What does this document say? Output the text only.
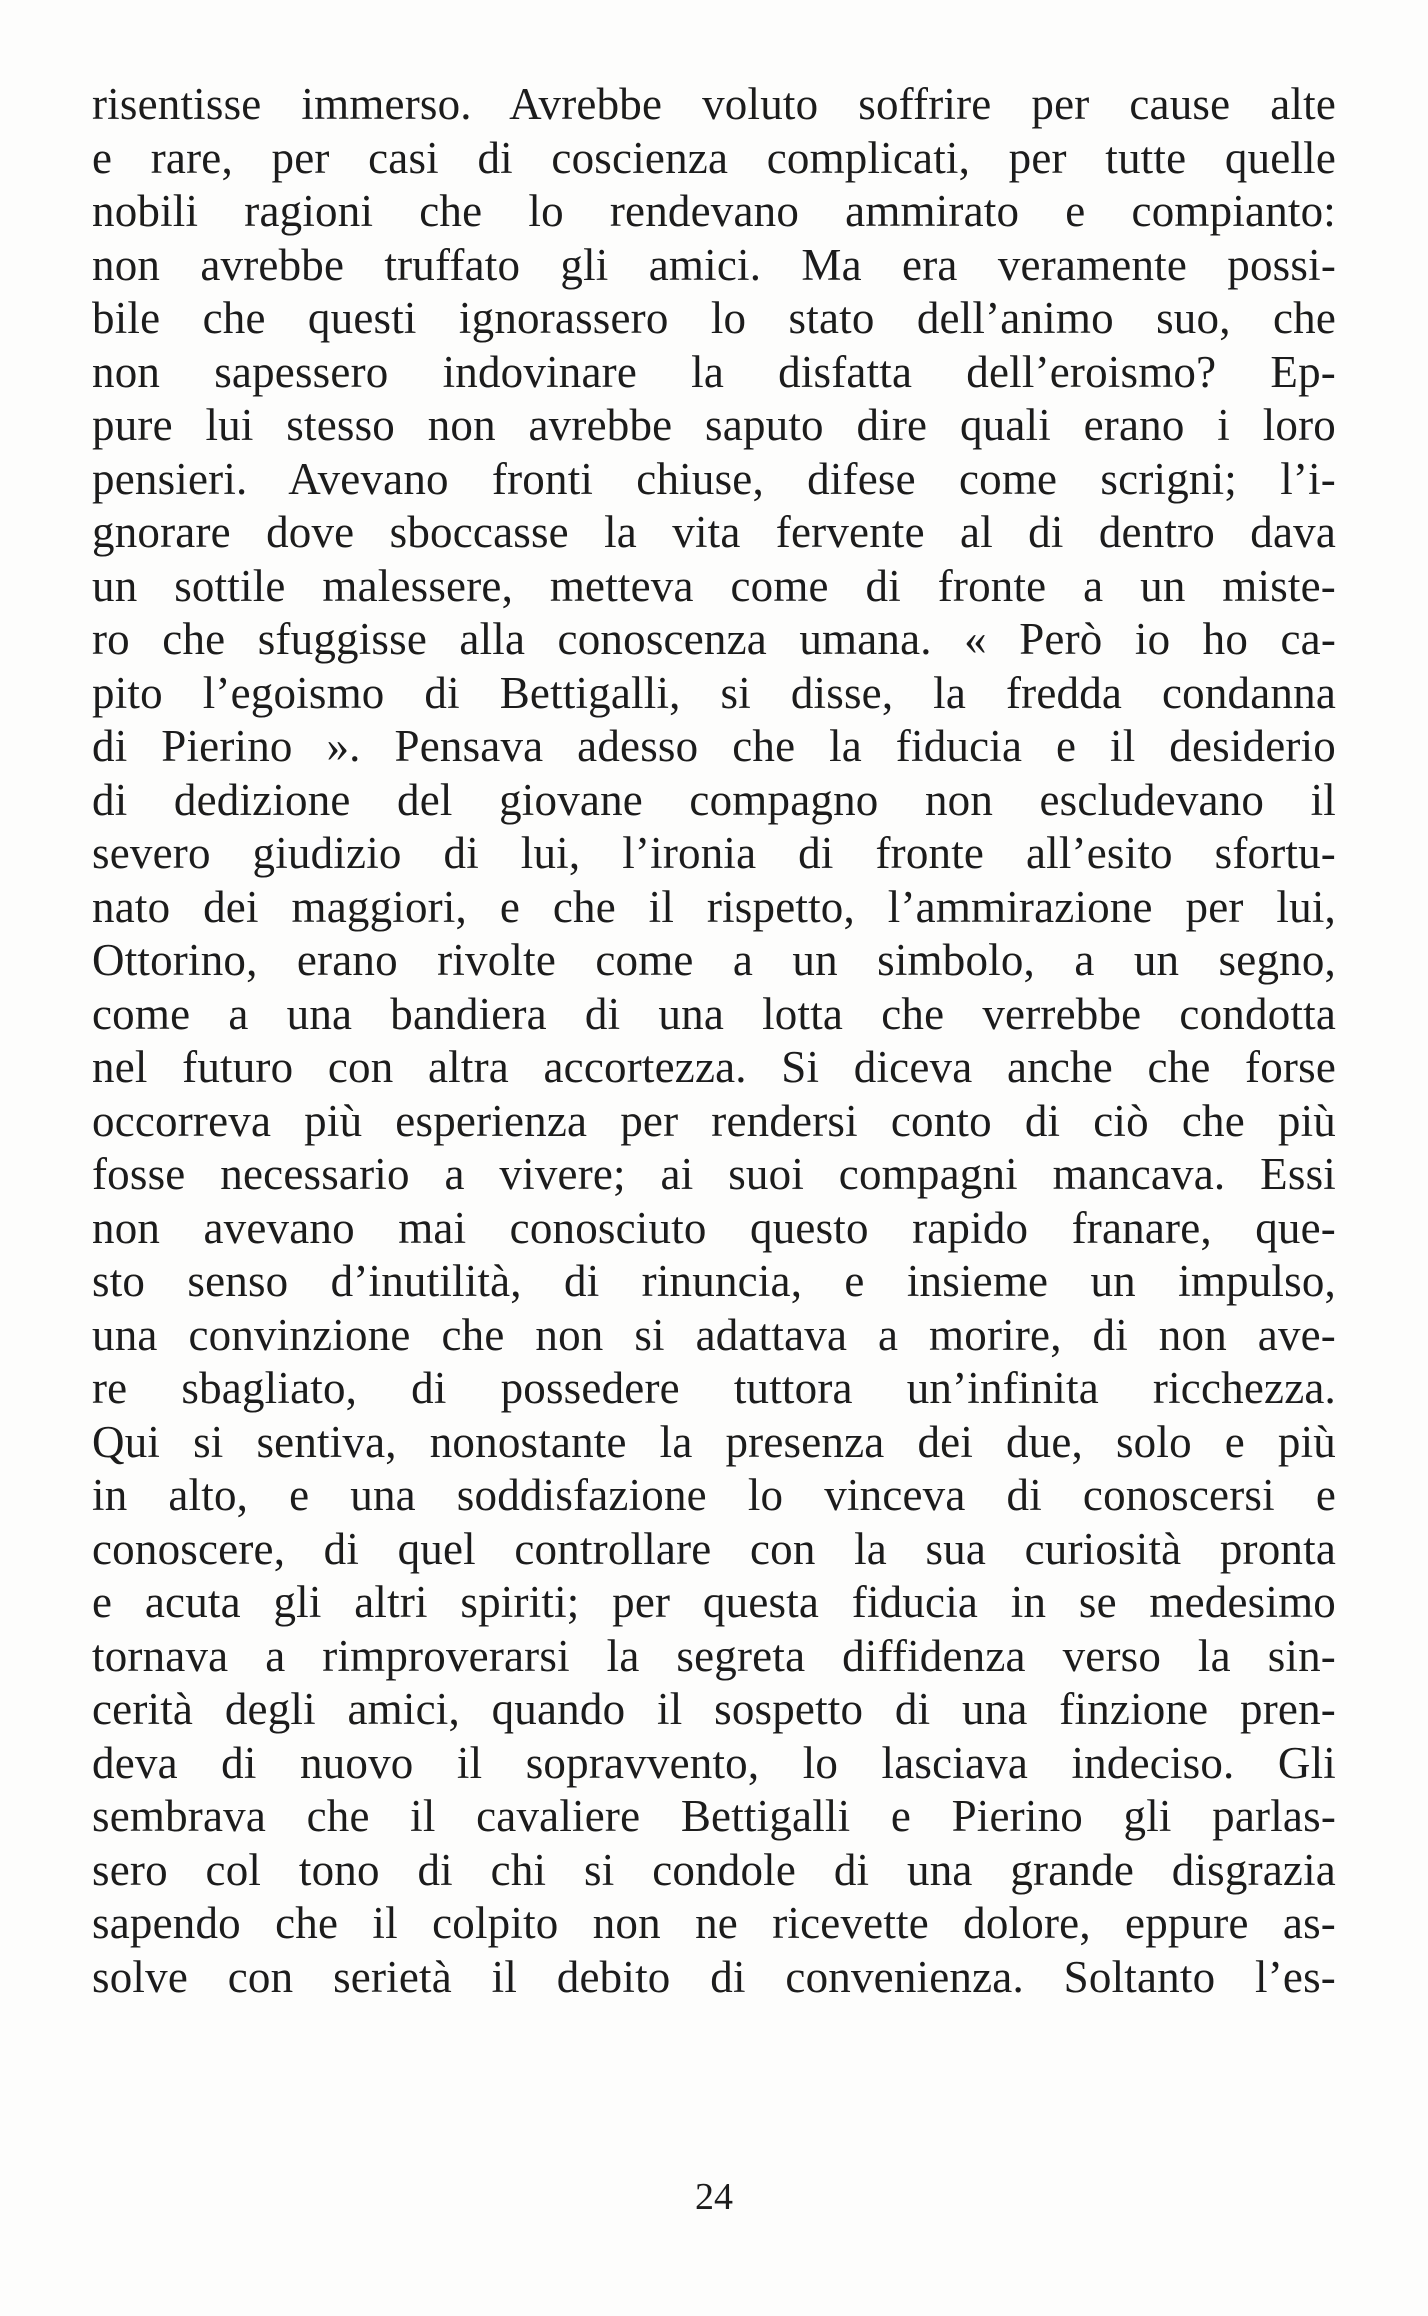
risentisse immerso. Avrebbe voluto soffrire per cause alte
e rare, per casi di coscienza complicati, per tutte quelle
nobili ragioni che lo rendevano ammirato e compianto:
non avrebbe truffato gli amici. Ma era veramente possi-
bile che questi ignorassero lo stato dell’animo suo, che
non sapessero indovinare la disfatta dell’eroismo? Ep-
pure lui stesso non avrebbe saputo dire quali erano i loro
pensieri. Avevano fronti chiuse, difese come scrigni; l’i-
gnorare dove sboccasse la vita fervente al di dentro dava
un sottile malessere, metteva come di fronte a un miste-
ro che sfuggisse alla conoscenza umana. « Però io ho ca-
pito l’egoismo di Bettigalli, si disse, la fredda condanna
di Pierino ». Pensava adesso che la fiducia e il desiderio
di dedizione del giovane compagno non escludevano il
severo giudizio di lui, l’ironia di fronte all’esito sfortu-
nato dei maggiori, e che il rispetto, l’ammirazione per lui,
Ottorino, erano rivolte come a un simbolo, a un segno,
come a una bandiera di una lotta che verrebbe condotta
nel futuro con altra accortezza. Si diceva anche che forse
occorreva più esperienza per rendersi conto di ciò che più
fosse necessario a vivere; ai suoi compagni mancava. Essi
non avevano mai conosciuto questo rapido franare, que-
sto senso d’inutilità, di rinuncia, e insieme un impulso,
una convinzione che non si adattava a morire, di non ave-
re sbagliato, di possedere tuttora un’infinita ricchezza.
Qui si sentiva, nonostante la presenza dei due, solo e più
in alto, e una soddisfazione lo vinceva di conoscersi e
conoscere, di quel controllare con la sua curiosità pronta
e acuta gli altri spiriti; per questa fiducia in se medesimo
tornava a rimproverarsi la segreta diffidenza verso la sin-
cerità degli amici, quando il sospetto di una finzione pren-
deva di nuovo il sopravvento, lo lasciava indeciso. Gli
sembrava che il cavaliere Bettigalli e Pierino gli parlas-
sero col tono di chi si condole di una grande disgrazia
sapendo che il colpito non ne ricevette dolore, eppure as-
solve con serietà il debito di convenienza. Soltanto l’es-
24
